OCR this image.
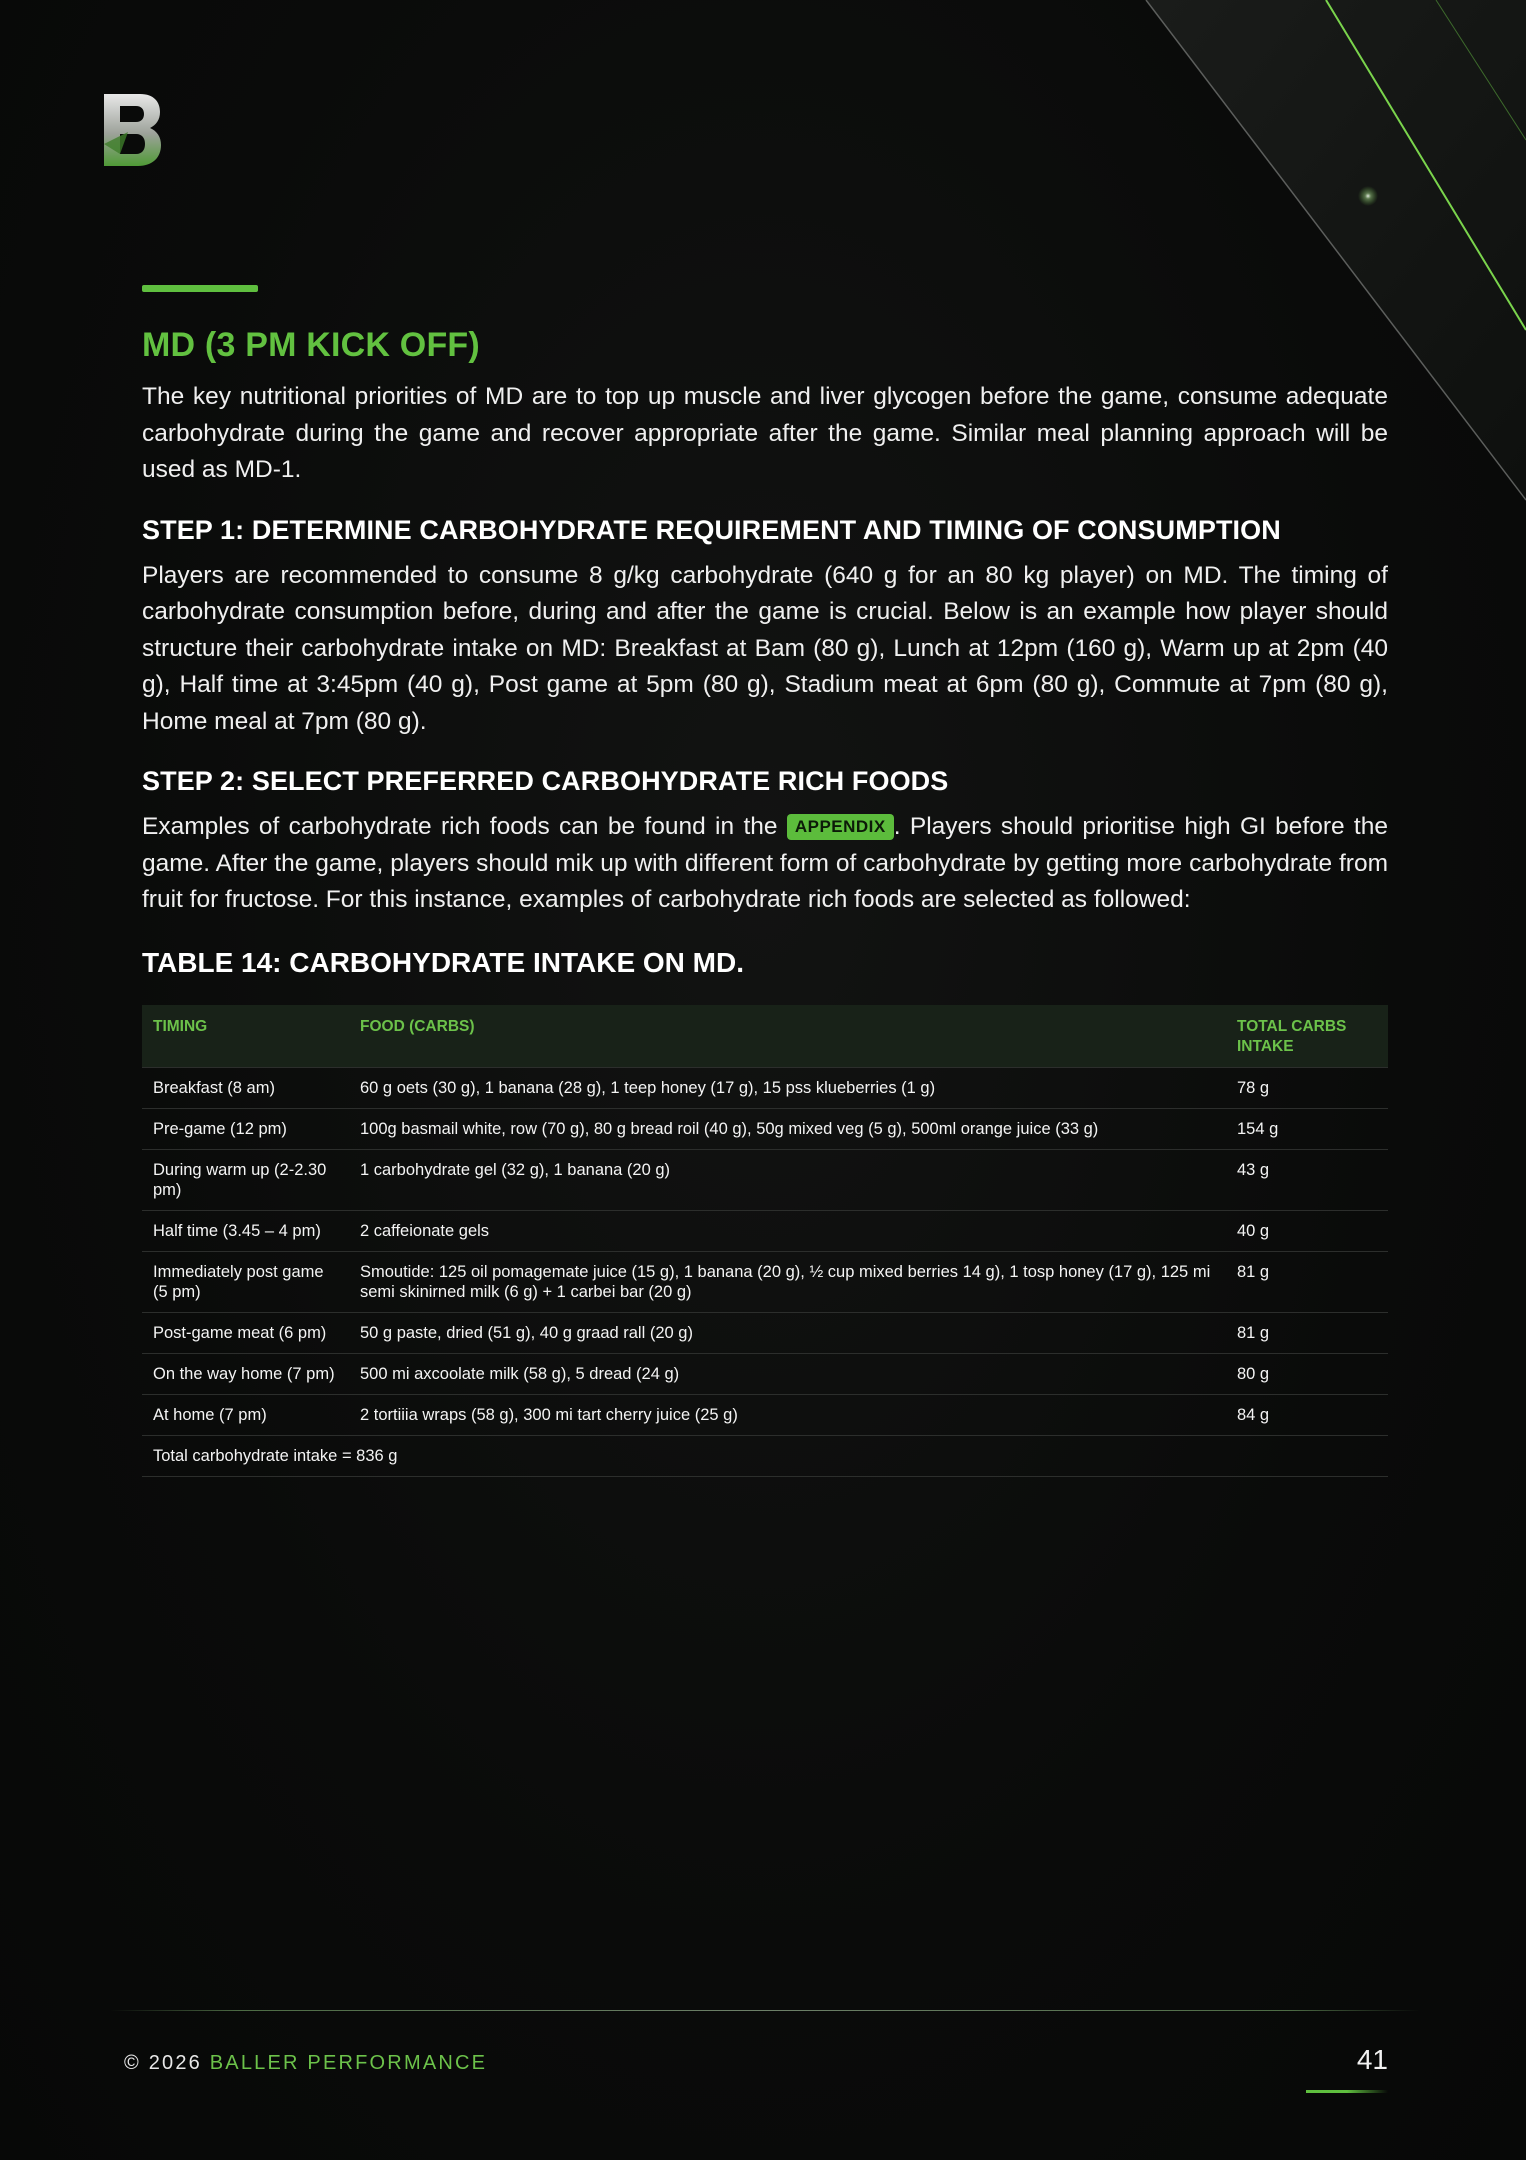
MD (3 PM KICK OFF)

The key nutritional priorities of MD are to top up muscle and liver glycogen before the game, consume adequate carbohydrate during the game and recover appropriate after the game. Similar meal planning approach will be used as MD-1.

STEP 1: DETERMINE CARBOHYDRATE REQUIREMENT AND TIMING OF CONSUMPTION

Players are recommended to consume 8 g/kg carbohydrate (640 g for an 80 kg player) on MD. The timing of carbohydrate consumption before, during and after the game is crucial. Below is an example how player should structure their carbohydrate intake on MD: Breakfast at Bam (80 g), Lunch at 12pm (160 g), Warm up at 2pm (40 g), Half time at 3:45pm (40 g), Post game at 5pm (80 g), Stadium meat at 6pm (80 g), Commute at 7pm (80 g), Home meal at 7pm (80 g).

STEP 2: SELECT PREFERRED CARBOHYDRATE RICH FOODS

Examples of carbohydrate rich foods can be found in the APPENDIX . Players should prioritise high GI before the game. After the game, players should mik up with different form of carbohydrate by getting more carbohydrate from fruit for fructose. For this instance, examples of carbohydrate rich foods are selected as followed:

TABLE 14: CARBOHYDRATE INTAKE ON MD.
TIMING	FOOD (CARBS)	TOTAL CARBS INTAKE
Breakfast (8 am)	60 g oets (30 g), 1 banana (28 g), 1 teep honey (17 g), 15 pss klueberries (1 g)	78 g
Pre-game (12 pm)	100g basmail white, row (70 g), 80 g bread roil (40 g), 50g mixed veg (5 g), 500ml orange juice (33 g)	154 g
During warm up (2-2.30 pm)	1 carbohydrate gel (32 g), 1 banana (20 g)	43 g
Half time (3.45 – 4 pm)	2 caffeionate gels	40 g
Immediately post game (5 pm)	Smoutide: 125 oil pomagemate juice (15 g), 1 banana (20 g), ½ cup mixed berries 14 g), 1 tosp honey (17 g), 125 mi semi skinirned milk (6 g) + 1 carbei bar (20 g)	81 g
Post-game meat (6 pm)	50 g paste, dried (51 g), 40 g graad rall (20 g)	81 g
On the way home (7 pm)	500 mi axcoolate milk (58 g), 5 dread (24 g)	80 g
At home (7 pm)	2 tortiiia wraps (58 g), 300 mi tart cherry juice (25 g)	84 g
Total carbohydrate intake = 836 g		
© 2026 BALLER PERFORMANCE	41
